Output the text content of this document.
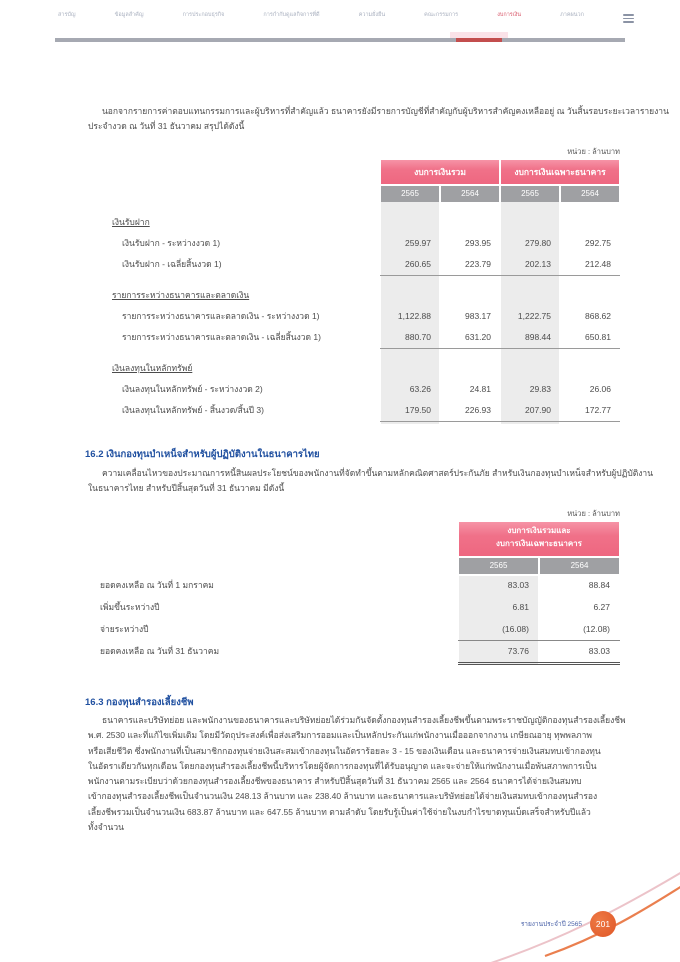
สารบัญ	ข้อมูลสำคัญ	การประกอบธุรกิจ	การกำกับดูแลกิจการที่ดี	ความยั่งยืน	คณะกรรมการ	งบการเงิน	ภาคผนวก
นอกจากรายการค่าตอบแทนกรรมการและผู้บริหารที่สำคัญแล้ว ธนาคารยังมีรายการบัญชีที่สำคัญกับผู้บริหารสำคัญคงเหลืออยู่ ณ วันสิ้นรอบระยะเวลารายงาน
ประจำงวด ณ วันที่ 31 ธันวาคม สรุปได้ดังนี้
หน่วย : ล้านบาท
งบการเงินรวม	งบการเงินเฉพาะธนาคาร
2565	2564	2565	2564
เงินรับฝาก
เงินรับฝาก - ระหว่างงวด 1)	259.97	293.95	279.80	292.75
เงินรับฝาก - เฉลี่ยสิ้นงวด 1)	260.65	223.79	202.13	212.48
รายการระหว่างธนาคารและตลาดเงิน
รายการระหว่างธนาคารและตลาดเงิน - ระหว่างงวด 1)	1,122.88	983.17	1,222.75	868.62
รายการระหว่างธนาคารและตลาดเงิน - เฉลี่ยสิ้นงวด 1)	880.70	631.20	898.44	650.81
เงินลงทุนในหลักทรัพย์
เงินลงทุนในหลักทรัพย์ - ระหว่างงวด 2)	63.26	24.81	29.83	26.06
เงินลงทุนในหลักทรัพย์ - สิ้นงวด/สิ้นปี 3)	179.50	226.93	207.90	172.77
16.2 เงินกองทุนบำเหน็จสำหรับผู้ปฏิบัติงานในธนาคารไทย
ความเคลื่อนไหวของประมาณการหนี้สินผลประโยชน์ของพนักงานที่จัดทำขึ้นตามหลักคณิตศาสตร์ประกันภัย สำหรับเงินกองทุนบำเหน็จสำหรับผู้ปฏิบัติงาน
ในธนาคารไทย สำหรับปีสิ้นสุดวันที่ 31 ธันวาคม มีดังนี้
หน่วย : ล้านบาท
งบการเงินรวมและ
งบการเงินเฉพาะธนาคาร
2565	2564
ยอดคงเหลือ ณ วันที่ 1 มกราคม	83.03	88.84
เพิ่มขึ้นระหว่างปี	6.81	6.27
จ่ายระหว่างปี	(16.08)	(12.08)
ยอดคงเหลือ ณ วันที่ 31 ธันวาคม	73.76	83.03
16.3 กองทุนสำรองเลี้ยงชีพ
ธนาคารและบริษัทย่อย และพนักงานของธนาคารและบริษัทย่อยได้ร่วมกันจัดตั้งกองทุนสำรองเลี้ยงชีพขึ้นตามพระราชบัญญัติกองทุนสำรองเลี้ยงชีพ
พ.ศ. 2530 และที่แก้ไขเพิ่มเติม โดยมีวัตถุประสงค์เพื่อส่งเสริมการออมและเป็นหลักประกันแก่พนักงานเมื่อออกจากงาน เกษียณอายุ ทุพพลภาพ
หรือเสียชีวิต ซึ่งพนักงานที่เป็นสมาชิกกองทุนจ่ายเงินสะสมเข้ากองทุนในอัตราร้อยละ 3 - 15 ของเงินเดือน และธนาคารจ่ายเงินสมทบเข้ากองทุน
ในอัตราเดียวกันทุกเดือน โดยกองทุนสำรองเลี้ยงชีพนี้บริหารโดยผู้จัดการกองทุนที่ได้รับอนุญาต และจะจ่ายให้แก่พนักงานเมื่อพ้นสภาพการเป็น
พนักงานตามระเบียบว่าด้วยกองทุนสำรองเลี้ยงชีพของธนาคาร สำหรับปีสิ้นสุดวันที่ 31 ธันวาคม 2565 และ 2564 ธนาคารได้จ่ายเงินสมทบ
เข้ากองทุนสำรองเลี้ยงชีพเป็นจำนวนเงิน 248.13 ล้านบาท และ 238.40 ล้านบาท และธนาคารและบริษัทย่อยได้จ่ายเงินสมทบเข้ากองทุนสำรอง
เลี้ยงชีพรวมเป็นจำนวนเงิน 683.87 ล้านบาท และ 647.55 ล้านบาท ตามลำดับ โดยรับรู้เป็นค่าใช้จ่ายในงบกำไรขาดทุนเบ็ดเสร็จสำหรับปีแล้ว
ทั้งจำนวน
รายงานประจำปี 2565	201
